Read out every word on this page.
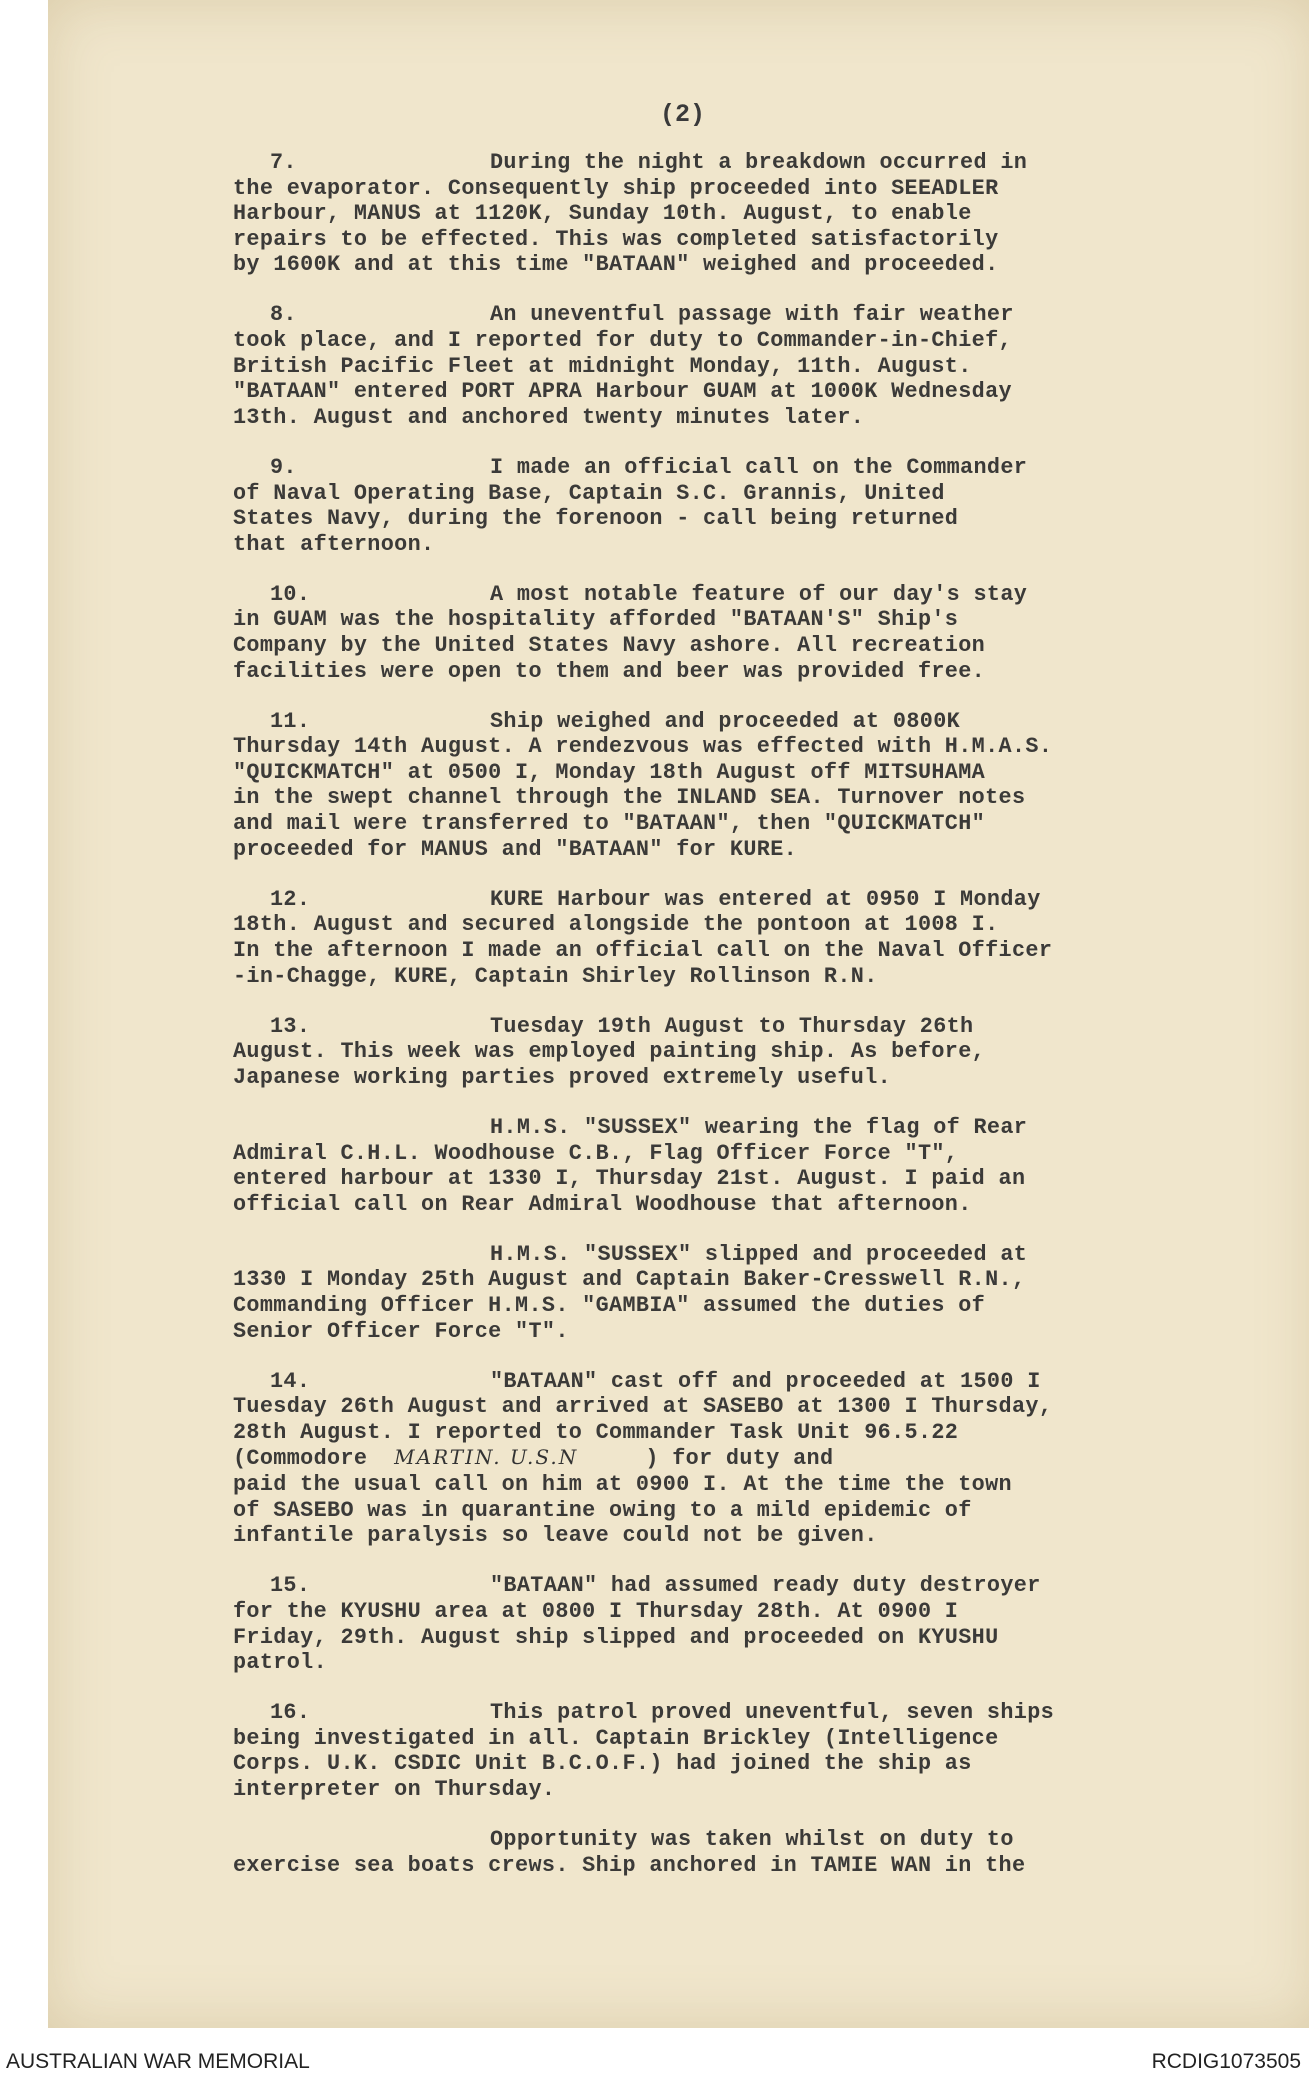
(2)
7.	During the night a breakdown occurred in
the evaporator. Consequently ship proceeded into SEEADLER
Harbour, MANUS at 1120K, Sunday 10th. August, to enable
repairs to be effected. This was completed satisfactorily
by 1600K and at this time "BATAAN" weighed and proceeded.
8.	An uneventful passage with fair weather
took place, and I reported for duty to Commander-in-Chief,
British Pacific Fleet at midnight Monday, 11th. August.
"BATAAN" entered PORT APRA Harbour GUAM at 1000K Wednesday
13th. August and anchored twenty minutes later.
9.	I made an official call on the Commander
of Naval Operating Base, Captain S.C. Grannis, United
States Navy, during the forenoon - call being returned
that afternoon.
10.	A most notable feature of our day's stay
in GUAM was the hospitality afforded "BATAAN'S" Ship's
Company by the United States Navy ashore. All recreation
facilities were open to them and beer was provided free.
11.	Ship weighed and proceeded at 0800K
Thursday 14th August. A rendezvous was effected with H.M.A.S.
"QUICKMATCH" at 0500 I, Monday 18th August off MITSUHAMA
in the swept channel through the INLAND SEA. Turnover notes
and mail were transferred to "BATAAN", then "QUICKMATCH"
proceeded for MANUS and "BATAAN" for KURE.
12.	KURE Harbour was entered at 0950 I Monday
18th. August and secured alongside the pontoon at 1008 I.
In the afternoon I made an official call on the Naval Officer
-in-Chagge, KURE, Captain Shirley Rollinson R.N.
13.	Tuesday 19th August to Thursday 26th
August. This week was employed painting ship. As before,
Japanese working parties proved extremely useful.
H.M.S. "SUSSEX" wearing the flag of Rear
Admiral C.H.L. Woodhouse C.B., Flag Officer Force "T",
entered harbour at 1330 I, Thursday 21st. August. I paid an
official call on Rear Admiral Woodhouse that afternoon.
H.M.S. "SUSSEX" slipped and proceeded at
1330 I Monday 25th August and Captain Baker-Cresswell R.N.,
Commanding Officer H.M.S. "GAMBIA" assumed the duties of
Senior Officer Force "T".
14.	"BATAAN" cast off and proceeded at 1500 I
Tuesday 26th August and arrived at SASEBO at 1300 I Thursday,
28th August. I reported to Commander Task Unit 96.5.22
(Commodore  MARTIN. U.S.N     ) for duty and
paid the usual call on him at 0900 I. At the time the town
of SASEBO was in quarantine owing to a mild epidemic of
infantile paralysis so leave could not be given.
15.	"BATAAN" had assumed ready duty destroyer
for the KYUSHU area at 0800 I Thursday 28th. At 0900 I
Friday, 29th. August ship slipped and proceeded on KYUSHU
patrol.
16.	This patrol proved uneventful, seven ships
being investigated in all. Captain Brickley (Intelligence
Corps. U.K. CSDIC Unit B.C.O.F.) had joined the ship as
interpreter on Thursday.
Opportunity was taken whilst on duty to
exercise sea boats crews. Ship anchored in TAMIE WAN in the
AUSTRALIAN WAR MEMORIAL	RCDIG1073505
